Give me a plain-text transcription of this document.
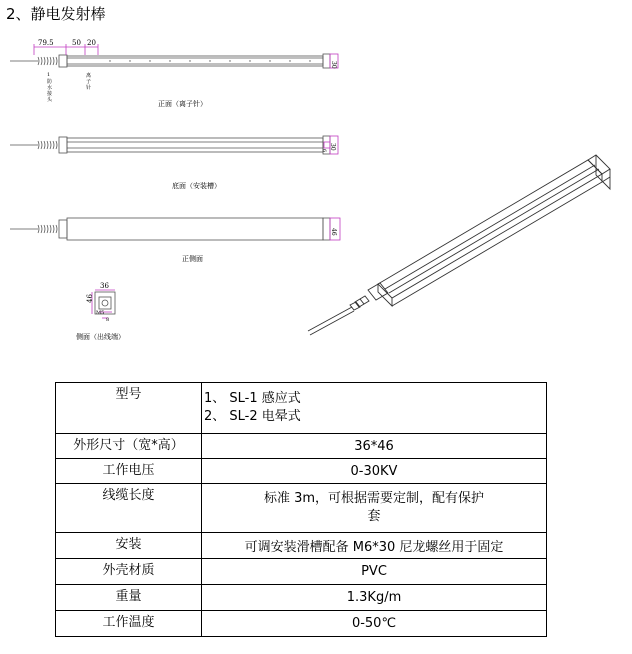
2、静电发射棒
79.5	50 20
30
1
防
水
接
头
离
子
针
正面（离子针）
30
6
底面（安装槽）
46
正侧面
36
46
M5
8
侧面（出线端）
型号	1、 SL-1 感应式
2、 SL-2 电晕式

外形尺寸（宽*高）	36*46
工作电压	0-30KV
线缆长度	标准 3m，可根据需要定制，配有保护
套

安装	可调安装滑槽配备 M6*30 尼龙螺丝用于固定
外壳材质	PVC
重量	1.3Kg/m
工作温度	0-50℃
